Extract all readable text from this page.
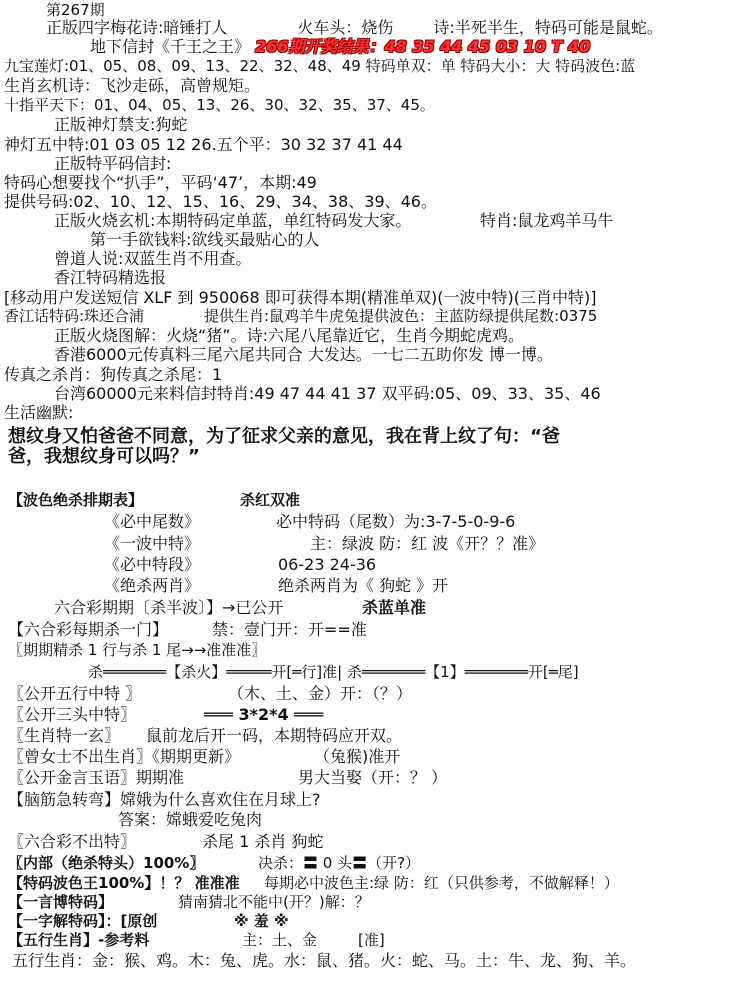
第267期
正版四字梅花诗:暗锤打人	火车头：烧伤	诗:半死半生，特码可能是鼠蛇。
地下信封《千王之王》 266期开奖结果：48 35 44 45 03 10 T 40
九宝莲灯:01、05、08、09、13、22、32、48、49 特码单双：单 特码大小：大 特码波色:蓝
生肖玄机诗：飞沙走砾，高曾规矩。
十指平天下：01、04、05、13、26、30、32、35、37、45。
正版神灯禁支:狗蛇
神灯五中特:01 03 05 12 26.五个平：30 32 37 41 44
正版特平码信封:
特码心想要找个“扒手”，平码‘47’，本期:49
提供号码:02、10、12、15、16、29、34、38、39、46。
正版火烧玄机:本期特码定单蓝，单红特码发大家。	特肖:鼠龙鸡羊马牛
第一手欲钱料:欲线买最贴心的人
曾道人说:双蓝生肖不用查。
香江特码精选报
[移动用户发送短信 XLF 到 950068 即可获得本期(精准单双)(一波中特)(三肖中特)]
香江话特码:珠还合浦	提供生肖:鼠鸡羊牛虎兔提供波色：主蓝防绿提供尾数:0375
正版火烧图解：火烧“猪”。诗:六尾八尾靠近它，生肖今期蛇虎鸡。
香港6000元传真料三尾六尾共同合 大发达。一七二五助你发 博一博。
传真之杀肖：狗传真之杀尾：1
台湾60000元来料信封特肖:49 47 44 41 37 双平码:05、09、33、35、46
生活幽默:
想纹身又怕爸爸不同意，为了征求父亲的意见，我在背上纹了句：“爸
爸，我想纹身可以吗？”
【波色绝杀排期表】	杀红双准
《必中尾数》	必中特码（尾数）为:3-7-5-0-9-6
《一波中特》	主：绿波 防：红 波《开？？准》
《必中特段》	06-23 24-36
《绝杀两肖》	绝杀两肖为《 狗蛇 》开
六合彩期期〔杀半波〕】→已公开	杀蓝单准
【六合彩每期杀一门】	禁：壹门开：开==准
〖期期精杀 1 行与杀 1 尾→→准准准〗
杀═══════【杀火】═════开[═行]准| 杀═══════【1】═══════开[═尾]
〖公开五行中特 〗	（木、土、金）开：（？）
〖公开三头中特〗	═══ 3*2*4 ═══
〖生肖特一玄〗 鼠前龙后开一码，本期特码应开双。
〖曾女士不出生肖〗《期期更新》	（兔猴)准开
〖公开金言玉语〗期期准	男大当娶（开：？ ）
【脑筋急转弯】嫦娥为什么喜欢住在月球上?
答案：嫦蛾爱吃兔肉
〖六合彩不出特〗	杀尾 1 杀肖 狗蛇
〖内部（绝杀特头）100%〗	决杀：〓 0 头〓（开?）
【特码波色王100%】！？ 准准准 每期必中波色主:绿 防：红（只供参考，不做解释！）
【一言博特码】	猜南猜北不能中(开？)解：？
【一字解特码】：[原创	※ 羞 ※
【五行生肖】-参考料	主：土、金	[准]
五行生肖：金：猴、鸡。木：兔、虎。水：鼠、猪。火：蛇、马。土：牛、龙、狗、羊。
